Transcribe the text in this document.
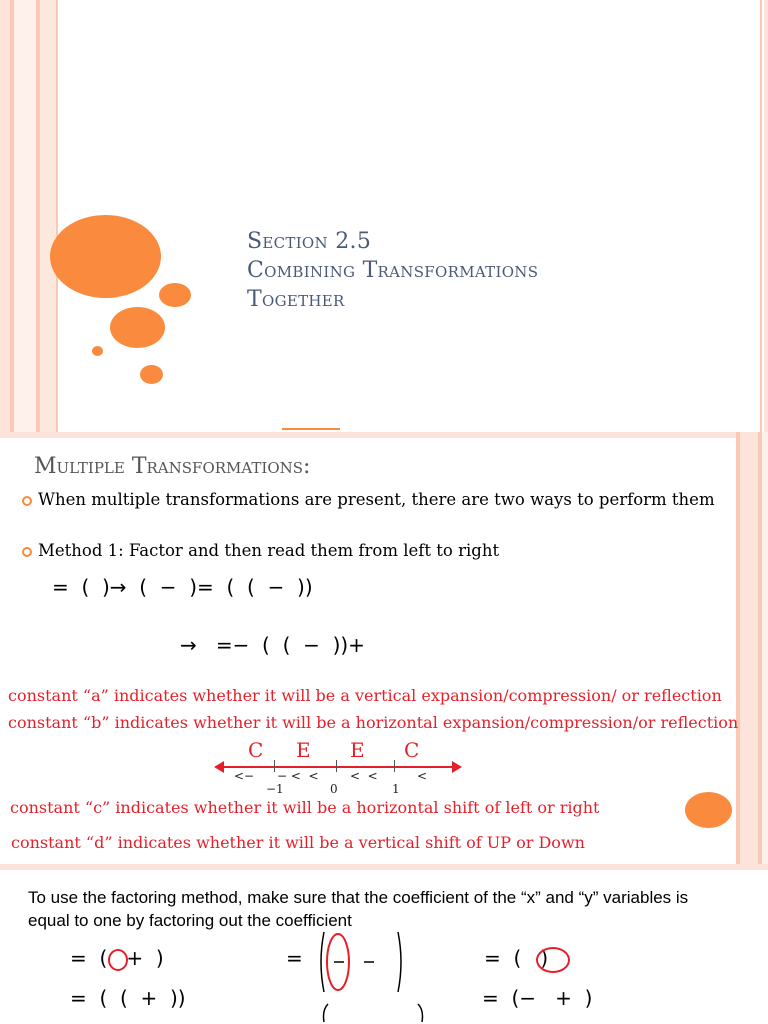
Section 2.5
Combining Transformations
Together
Multiple Transformations:
When multiple transformations are present, there are two ways to perform them
Method 1: Factor and then read them from left to right
=  (  )→  (  −  )=  (  (  −  ))
→   =−  (  (  −  ))+
constant “a” indicates whether it will be a vertical expansion/compression/ or reflection
constant “b” indicates whether it will be a horizontal expansion/compression/or reflection
C E E C
<− − <  <	<  <	<
−1	0	1
constant “c” indicates whether it will be a horizontal shift of left or right
constant “d” indicates whether it will be a vertical shift of UP or Down
To use the factoring method, make sure that the coefficient of the “x” and “y” variables is equal to one by factoring out the coefficient
=  (   +  )	=	=  (   )
=  (  (  +  ))	=  (−   +  )
